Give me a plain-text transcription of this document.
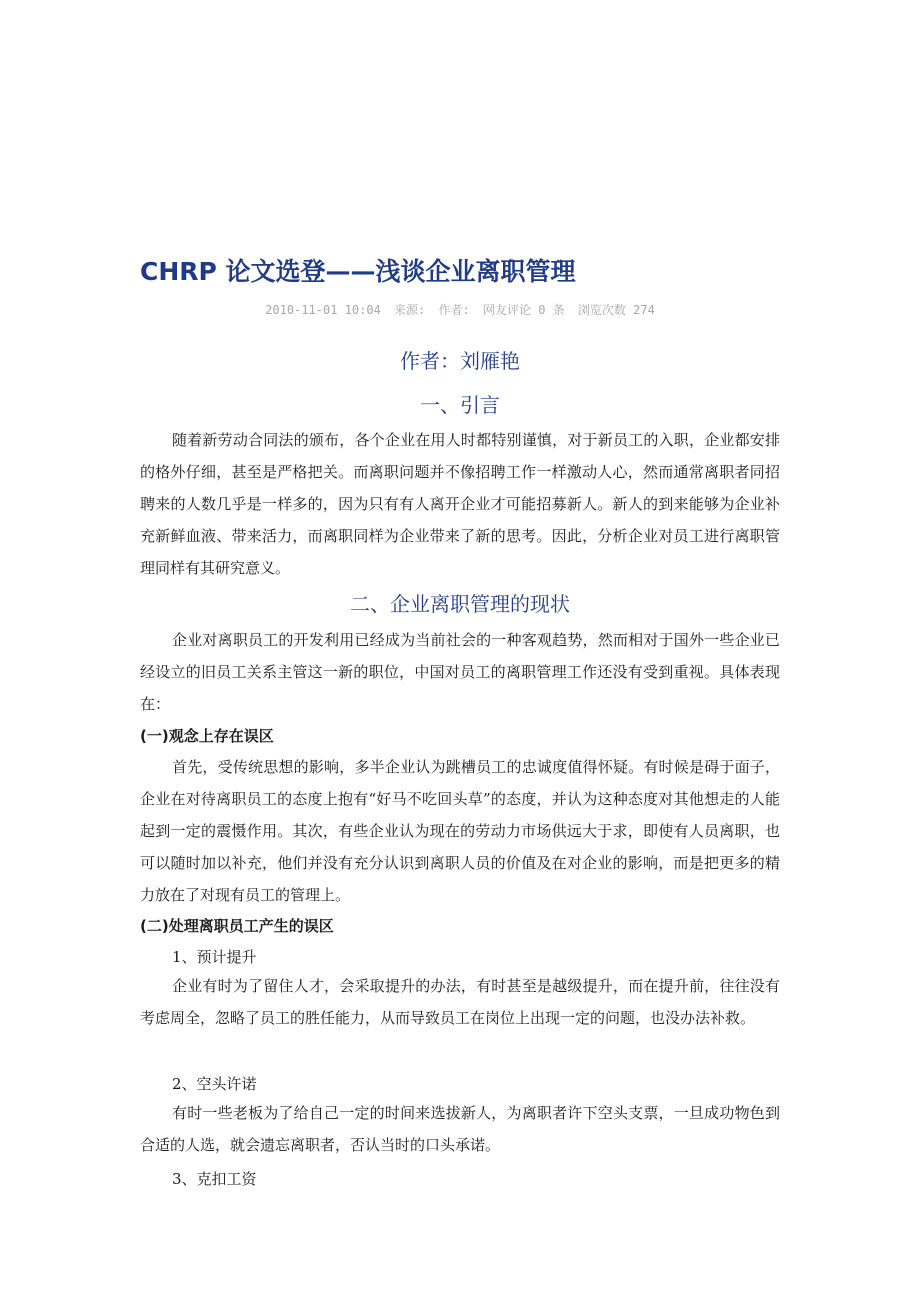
CHRP 论文选登——浅谈企业离职管理
2010-11-01 10:04 来源: 作者: 网友评论 0 条 浏览次数 274
作者：刘雁艳
一、引言

随着新劳动合同法的颁布，各个企业在用人时都特别谨慎，对于新员工的入职，企业都安排的格外仔细，甚至是严格把关。而离职问题并不像招聘工作一样激动人心，然而通常离职者同招聘来的人数几乎是一样多的，因为只有有人离开企业才可能招募新人。新人的到来能够为企业补充新鲜血液、带来活力，而离职同样为企业带来了新的思考。因此，分析企业对员工进行离职管理同样有其研究意义。

二、企业离职管理的现状

企业对离职员工的开发利用已经成为当前社会的一种客观趋势，然而相对于国外一些企业已经设立的旧员工关系主管这一新的职位，中国对员工的离职管理工作还没有受到重视。具体表现在：

(一)观念上存在误区

首先，受传统思想的影响，多半企业认为跳槽员工的忠诚度值得怀疑。有时候是碍于面子，企业在对待离职员工的态度上抱有“好马不吃回头草”的态度，并认为这种态度对其他想走的人能起到一定的震慑作用。其次，有些企业认为现在的劳动力市场供远大于求，即使有人员离职，也可以随时加以补充，他们并没有充分认识到离职人员的价值及在对企业的影响，而是把更多的精力放在了对现有员工的管理上。

(二)处理离职员工产生的误区

1、预计提升

企业有时为了留住人才，会采取提升的办法，有时甚至是越级提升，而在提升前，往往没有考虑周全，忽略了员工的胜任能力，从而导致员工在岗位上出现一定的问题，也没办法补救。

2、空头许诺

有时一些老板为了给自己一定的时间来选拔新人，为离职者许下空头支票，一旦成功物色到合适的人选，就会遗忘离职者，否认当时的口头承诺。

3、克扣工资
